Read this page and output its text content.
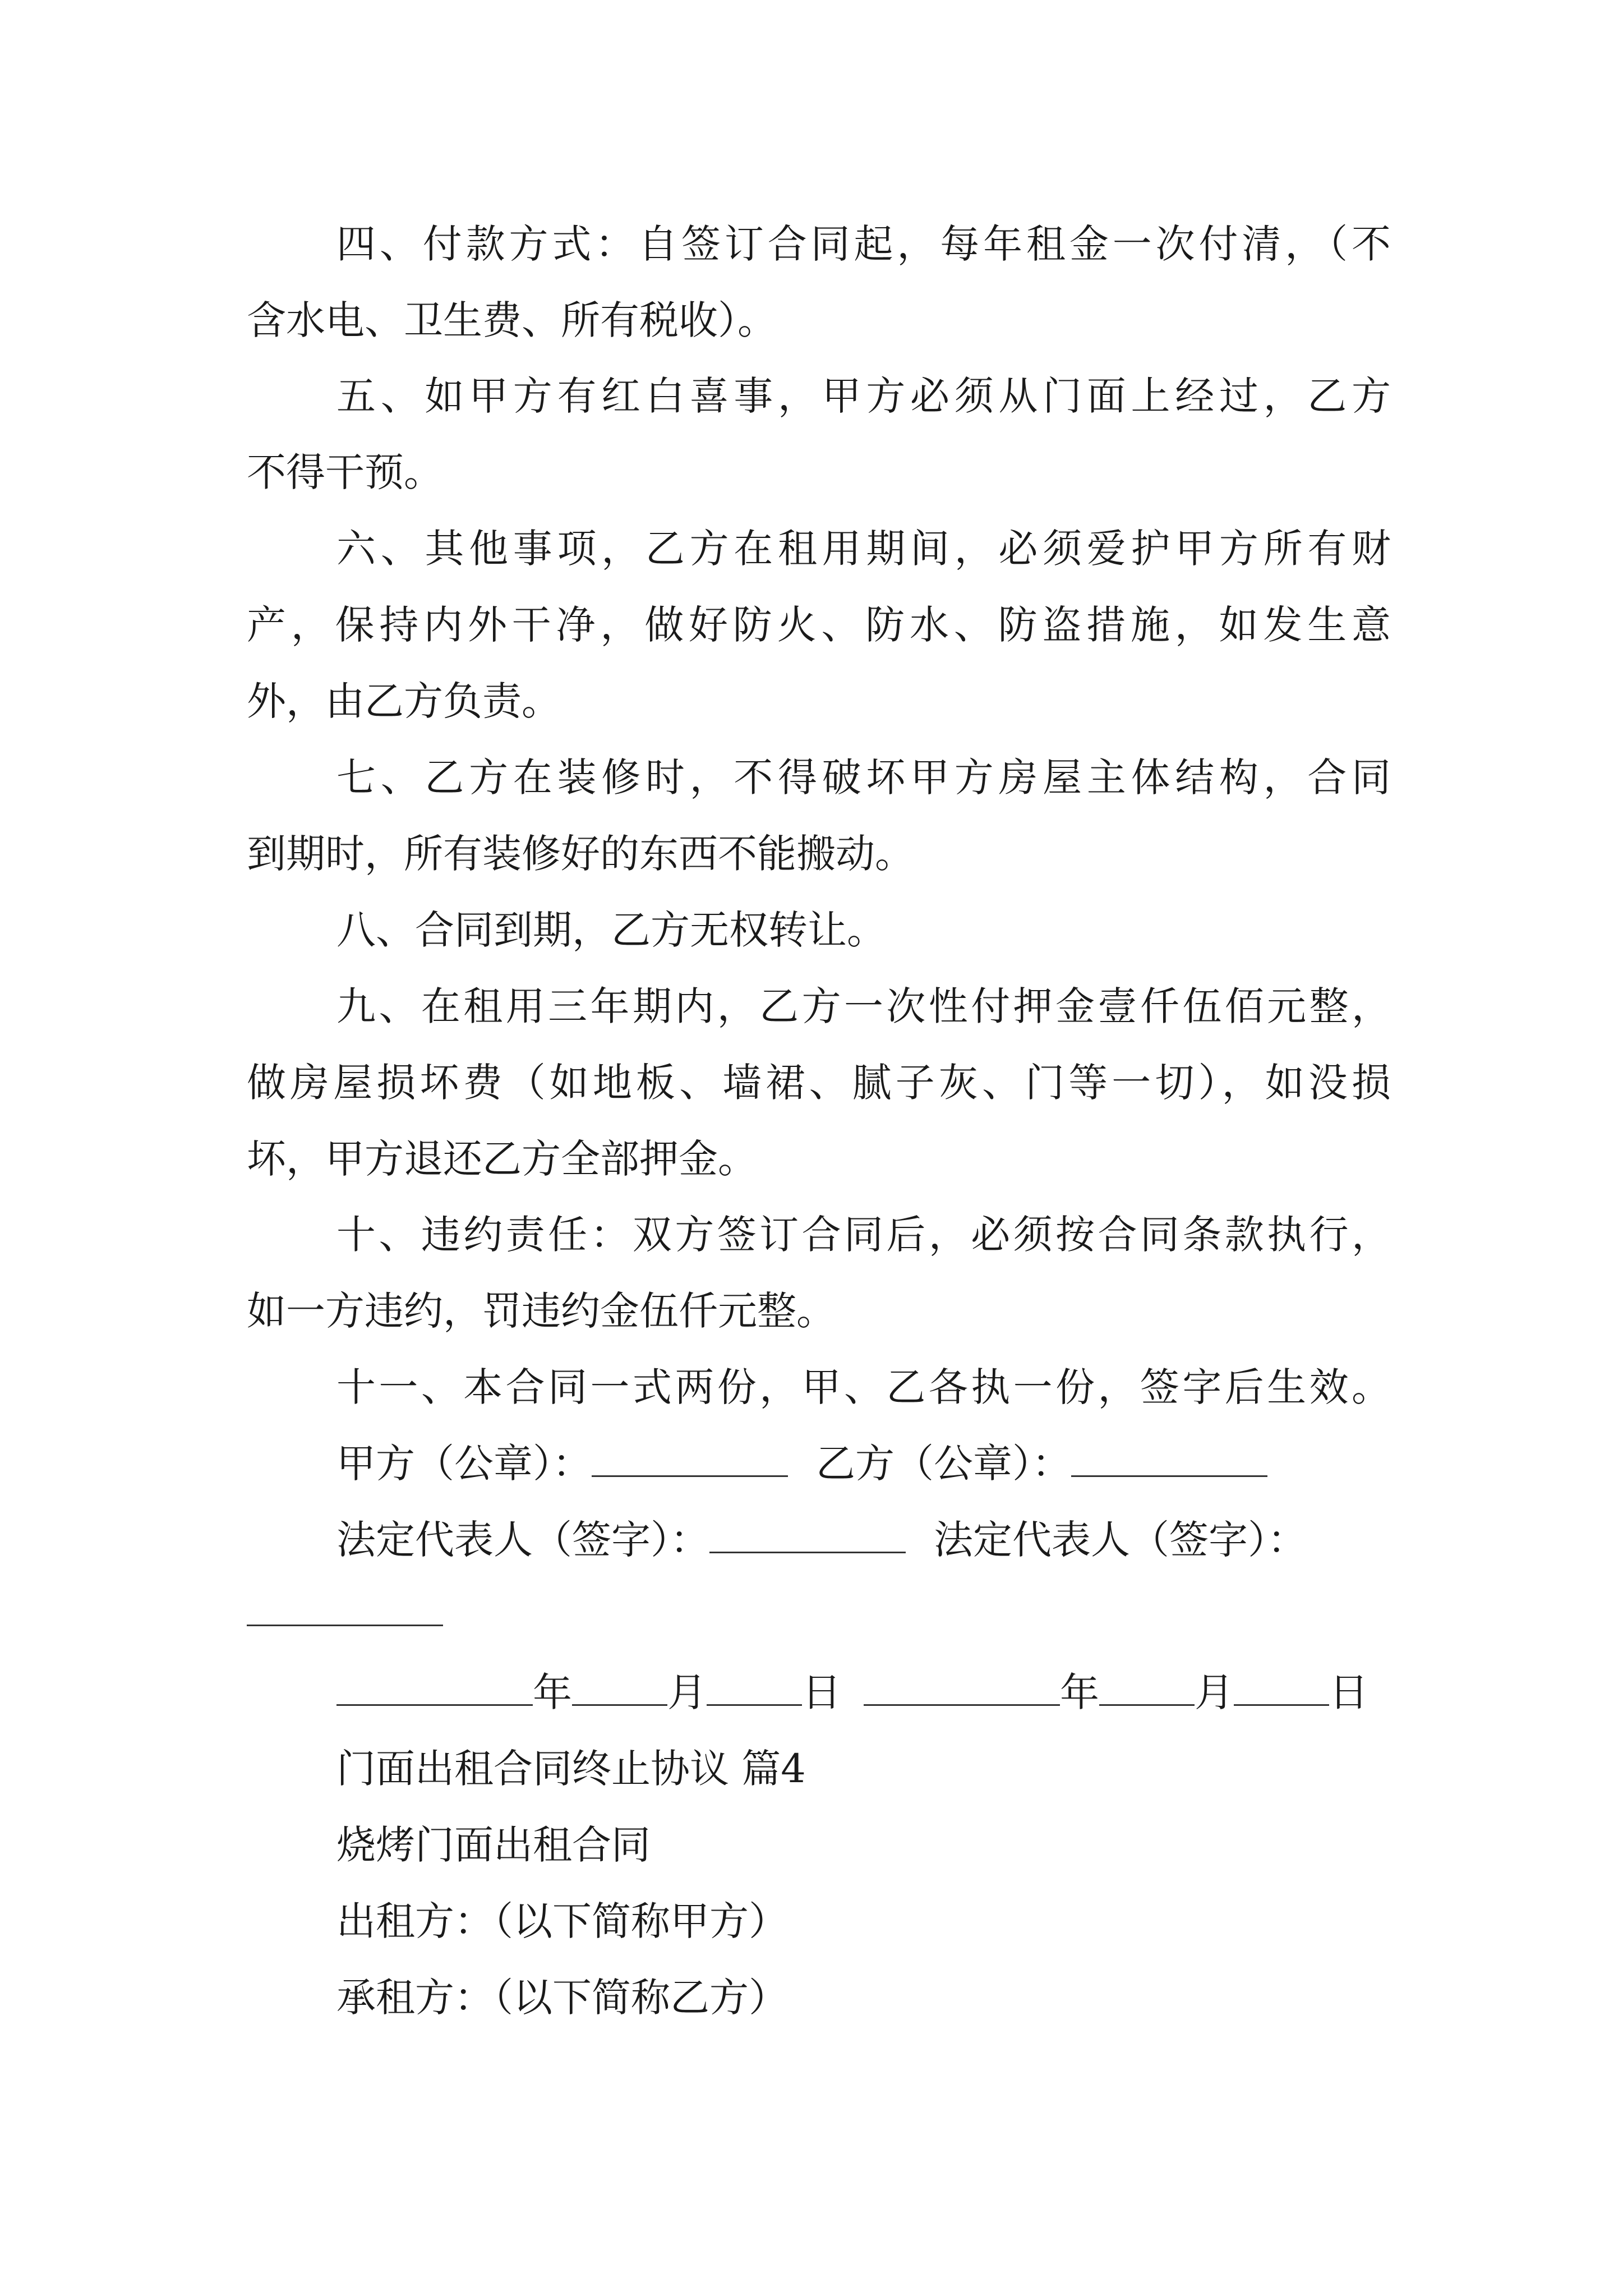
四、付款方式：自签订合同起，每年租金一次付清，（不
含水电、卫生费、所有税收）。
五、如甲方有红白喜事，甲方必须从门面上经过，乙方
不得干预。
六、其他事项，乙方在租用期间，必须爱护甲方所有财
产，保持内外干净，做好防火、防水、防盗措施，如发生意
外，由乙方负责。
七、乙方在装修时，不得破坏甲方房屋主体结构，合同
到期时，所有装修好的东西不能搬动。
八、合同到期，乙方无权转让。
九、在租用三年期内，乙方一次性付押金壹仟伍佰元整，
做房屋损坏费（如地板、墙裙、腻子灰、门等一切），如没损
坏，甲方退还乙方全部押金。
十、违约责任：双方签订合同后，必须按合同条款执行，
如一方违约，罚违约金伍仟元整。
十一、本合同一式两份，甲、乙各执一份，签字后生效。
甲方（公章）：	乙方（公章）：
法定代表人（签字）：	法定代表人（签字）：
年 月 日	年 月 日
门面出租合同终止协议 篇4
烧烤门面出租合同
出租方：（以下简称甲方）
承租方：（以下简称乙方）
